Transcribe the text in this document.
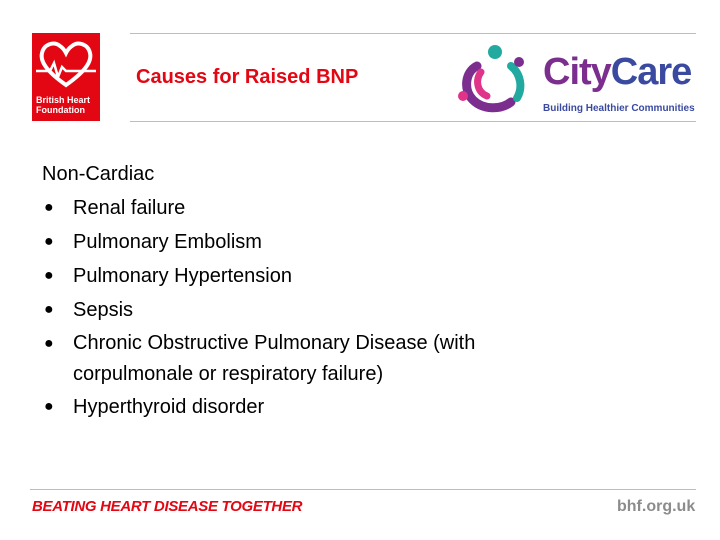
British Heart
Foundation
Causes for Raised BNP	CityCare
Building Healthier Communities
Non-Cardiac
● Renal failure
● Pulmonary Embolism
● Pulmonary Hypertension
● Sepsis
● Chronic Obstructive Pulmonary Disease (with corpulmonale or respiratory failure)
● Hyperthyroid disorder
BEATING HEART DISEASE TOGETHER	bhf.org.uk
